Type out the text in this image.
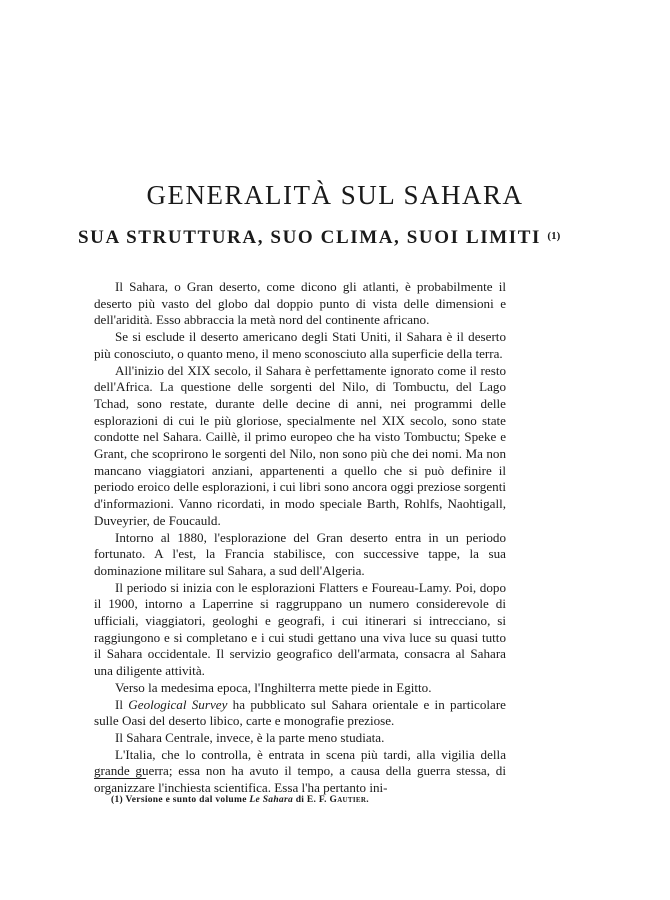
GENERALITÀ SUL SAHARA
SUA STRUTTURA, SUO CLIMA, SUOI LIMITI $^{(1)}$

Il Sahara, o Gran deserto, come dicono gli atlanti, è probabilmente il deserto più vasto del globo dal doppio punto di vista delle dimensioni e dell'aridità. Esso abbraccia la metà nord del continente africano.

Se si esclude il deserto americano degli Stati Uniti, il Sahara è il deserto più conosciuto, o quanto meno, il meno sconosciuto alla superficie della terra.

All'inizio del XIX secolo, il Sahara è perfettamente ignorato come il resto dell'Africa. La questione delle sorgenti del Nilo, di Tombuctu, del Lago Tchad, sono restate, durante delle decine di anni, nei programmi delle esplorazioni di cui le più gloriose, specialmente nel XIX secolo, sono state condotte nel Sahara. Caillè, il primo europeo che ha visto Tombuctu; Speke e Grant, che scoprirono le sorgenti del Nilo, non sono più che dei nomi. Ma non mancano viaggiatori anziani, appartenenti a quello che si può definire il periodo eroico delle esplorazioni, i cui libri sono ancora oggi preziose sorgenti d'informazioni. Vanno ricordati, in modo speciale Barth, Rohlfs, Naohtigall, Duveyrier, de Foucauld.

Intorno al 1880, l'esplorazione del Gran deserto entra in un periodo fortunato. A l'est, la Francia stabilisce, con successive tappe, la sua dominazione militare sul Sahara, a sud dell'Algeria.

Il periodo si inizia con le esplorazioni Flatters e Foureau-Lamy. Poi, dopo il 1900, intorno a Laperrine si raggruppano un numero considerevole di ufficiali, viaggiatori, geologhi e geografi, i cui itinerari si intrecciano, si raggiungono e si completano e i cui studi gettano una viva luce su quasi tutto il Sahara occidentale. Il servizio geografico dell'armata, consacra al Sahara una diligente attività.

Verso la medesima epoca, l'Inghilterra mette piede in Egitto.

Il Geological Survey ha pubblicato sul Sahara orientale e in particolare sulle Oasi del deserto libico, carte e monografie preziose.

Il Sahara Centrale, invece, è la parte meno studiata.

L'Italia, che lo controlla, è entrata in scena più tardi, alla vigilia della grande guerra; essa non ha avuto il tempo, a causa della guerra stessa, di organizzare l'inchiesta scientifica. Essa l'ha pertanto ini-

(1) Versione e sunto dal volume Le Sahara di E. F. Gautier.
